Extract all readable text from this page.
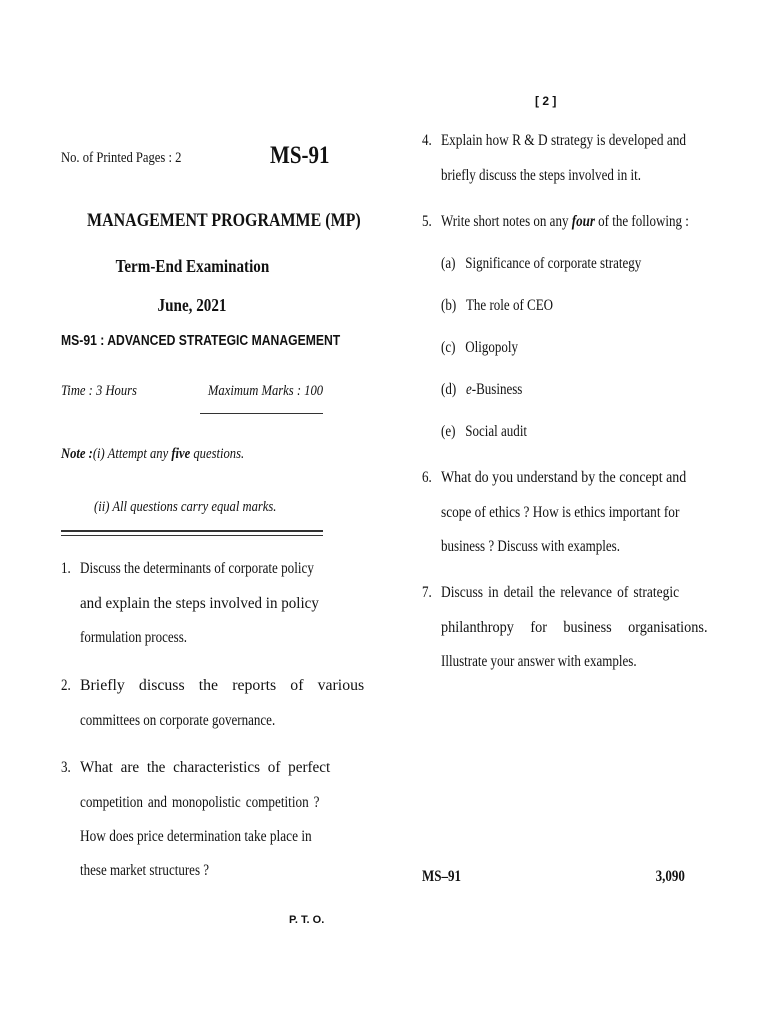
No. of Printed Pages : 2	MS-91
MANAGEMENT PROGRAMME (MP)
Term-End Examination
June, 2021
MS-91 : ADVANCED STRATEGIC MANAGEMENT
Time : 3 Hours	Maximum Marks : 100
Note :(i) Attempt any five questions.
(ii) All questions carry equal marks.
1. Discuss the determinants of corporate policy
and explain the steps involved in policy
formulation process.
2. Briefly discuss the reports of various
committees on corporate governance.
3. What are the characteristics of perfect
competition and monopolistic competition ?
How does price determination take place in
these market structures ?
P. T. O.
[ 2 ]
4. Explain how R & D strategy is developed and
briefly discuss the steps involved in it.
5. Write short notes on any four of the following :
(a) Significance of corporate strategy
(b) The role of CEO
(c) Oligopoly
(d) e-Business
(e) Social audit
6. What do you understand by the concept and
scope of ethics ? How is ethics important for
business ? Discuss with examples.
7. Discuss in detail the relevance of strategic
philanthropy for business organisations.
Illustrate your answer with examples.
MS–91	3,090
